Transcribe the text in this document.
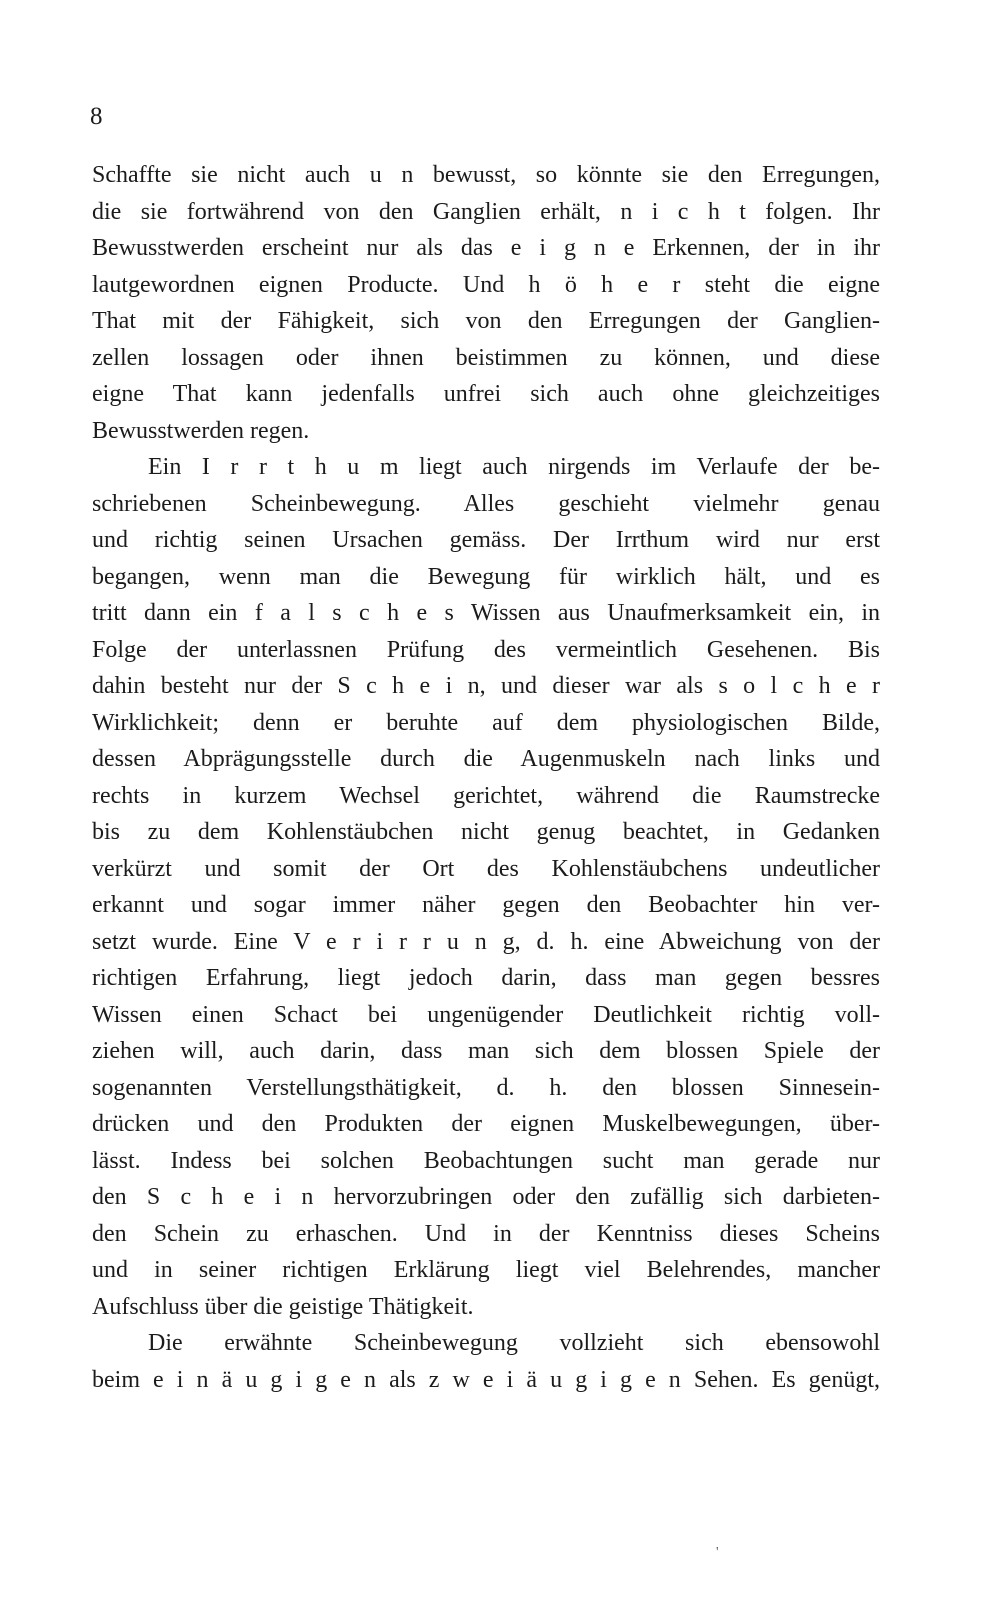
8
Schaffte sie nicht auch u n bewusst, so könnte sie den Erregungen,
die sie fortwährend von den Ganglien erhält, n i c h t folgen. Ihr
Bewusstwerden erscheint nur als das e i g n e Erkennen, der in ihr
lautgewordnen eignen Producte. Und h ö h e r steht die eigne
That mit der Fähigkeit, sich von den Erregungen der Ganglien-
zellen lossagen oder ihnen beistimmen zu können, und diese
eigne That kann jedenfalls unfrei sich auch ohne gleichzeitiges
Bewusstwerden regen.
Ein I r r t h u m liegt auch nirgends im Verlaufe der be-
schriebenen Scheinbewegung. Alles geschieht vielmehr genau
und richtig seinen Ursachen gemäss. Der Irrthum wird nur erst
begangen, wenn man die Bewegung für wirklich hält, und es
tritt dann ein f a l s c h e s Wissen aus Unaufmerksamkeit ein, in
Folge der unterlassnen Prüfung des vermeintlich Gesehenen. Bis
dahin besteht nur der S c h e i n, und dieser war als s o l c h e r
Wirklichkeit; denn er beruhte auf dem physiologischen Bilde,
dessen Abprägungsstelle durch die Augenmuskeln nach links und
rechts in kurzem Wechsel gerichtet, während die Raumstrecke
bis zu dem Kohlenstäubchen nicht genug beachtet, in Gedanken
verkürzt und somit der Ort des Kohlenstäubchens undeutlicher
erkannt und sogar immer näher gegen den Beobachter hin ver-
setzt wurde. Eine V e r i r r u n g, d. h. eine Abweichung von der
richtigen Erfahrung, liegt jedoch darin, dass man gegen bessres
Wissen einen Schact bei ungenügender Deutlichkeit richtig voll-
ziehen will, auch darin, dass man sich dem blossen Spiele der
sogenannten Verstellungsthätigkeit, d. h. den blossen Sinnesein-
drücken und den Produkten der eignen Muskelbewegungen, über-
lässt. Indess bei solchen Beobachtungen sucht man gerade nur
den S c h e i n hervorzubringen oder den zufällig sich darbieten-
den Schein zu erhaschen. Und in der Kenntniss dieses Scheins
und in seiner richtigen Erklärung liegt viel Belehrendes, mancher
Aufschluss über die geistige Thätigkeit.
Die erwähnte Scheinbewegung vollzieht sich ebensowohl
beim e i n ä u g i g e n als z w e i ä u g i g e n Sehen. Es genügt,
'
